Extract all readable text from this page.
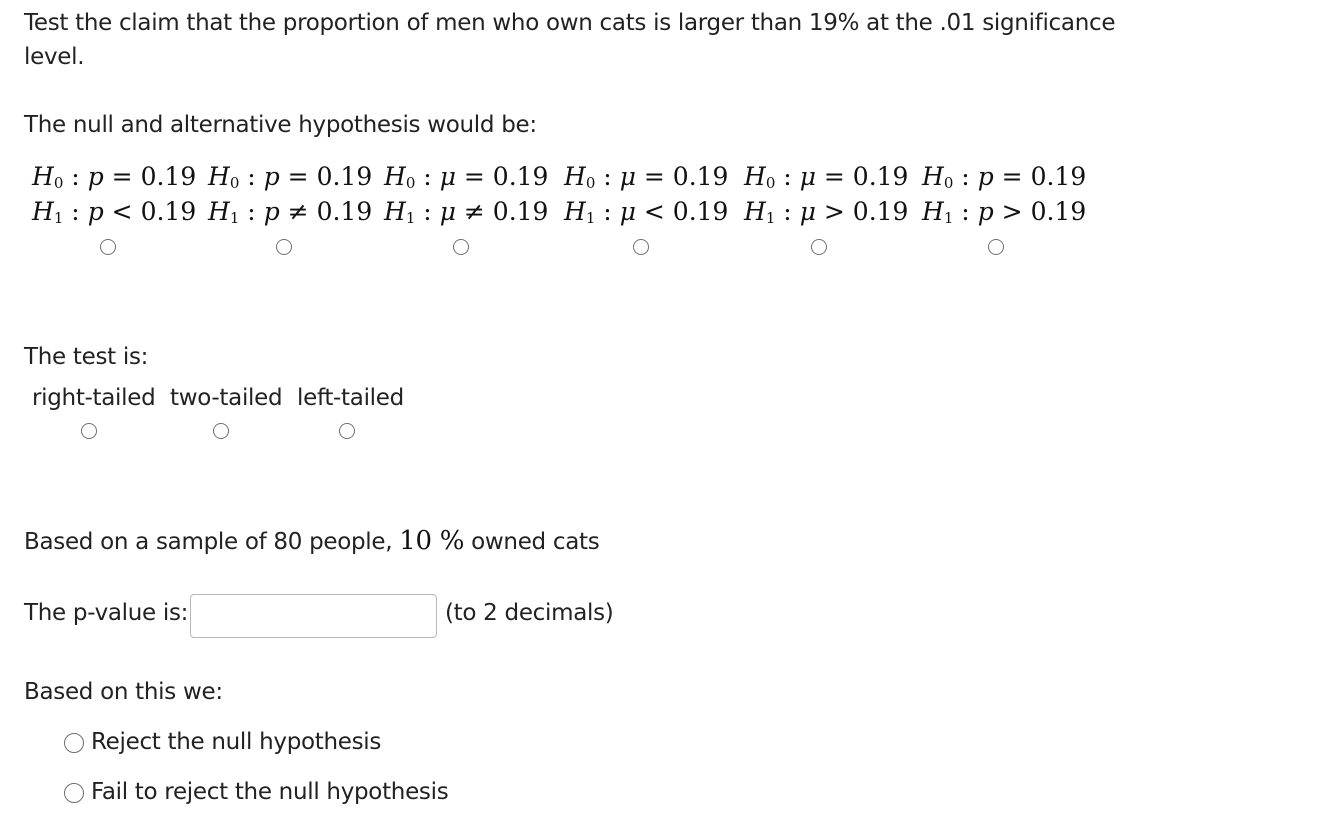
Test the claim that the proportion of men who own cats is larger than 19% at the .01 significance
level.
The null and alternative hypothesis would be:
$H_0$ : p = 0.19
$H_1$ : p < 0.19
$H_0$ : p = 0.19
$H_1$ : p ≠ 0.19
$H_0$ : μ = 0.19
$H_1$ : μ ≠ 0.19
$H_0$ : μ = 0.19
$H_1$ : μ < 0.19
$H_0$ : μ = 0.19
$H_1$ : μ > 0.19
$H_0$ : p = 0.19
$H_1$ : p > 0.19
The test is:
right-tailed two-tailed left-tailed
Based on a sample of 80 people, 10 % owned cats
The p-value is:	(to 2 decimals)
Based on this we:
Reject the null hypothesis
Fail to reject the null hypothesis
